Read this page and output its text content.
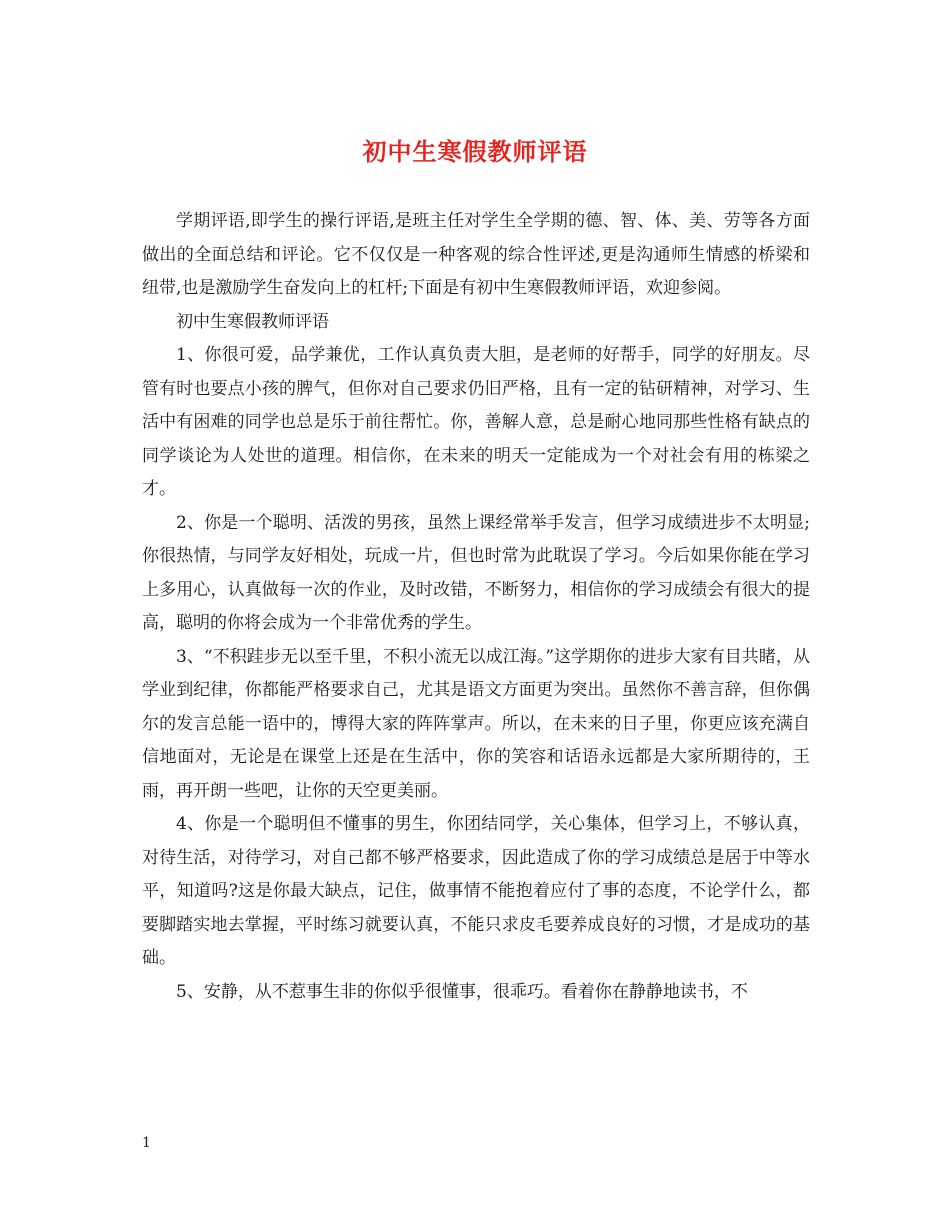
初中生寒假教师评语

学期评语,即学生的操行评语,是班主任对学生全学期的德、智、体、美、劳等各方面做出的全面总结和评论。它不仅仅是一种客观的综合性评述,更是沟通师生情感的桥梁和纽带,也是激励学生奋发向上的杠杆;下面是有初中生寒假教师评语，欢迎参阅。

初中生寒假教师评语

1、你很可爱，品学兼优，工作认真负责大胆，是老师的好帮手，同学的好朋友。尽管有时也要点小孩的脾气，但你对自己要求仍旧严格，且有一定的钻研精神，对学习、生活中有困难的同学也总是乐于前往帮忙。你，善解人意，总是耐心地同那些性格有缺点的同学谈论为人处世的道理。相信你，在未来的明天一定能成为一个对社会有用的栋梁之才。

2、你是一个聪明、活泼的男孩，虽然上课经常举手发言，但学习成绩进步不太明显;你很热情，与同学友好相处，玩成一片，但也时常为此耽误了学习。今后如果你能在学习上多用心，认真做每一次的作业，及时改错，不断努力，相信你的学习成绩会有很大的提高，聪明的你将会成为一个非常优秀的学生。

3、“不积跬步无以至千里，不积小流无以成江海。”这学期你的进步大家有目共睹，从学业到纪律，你都能严格要求自己，尤其是语文方面更为突出。虽然你不善言辞，但你偶尔的发言总能一语中的，博得大家的阵阵掌声。所以，在未来的日子里，你更应该充满自信地面对，无论是在课堂上还是在生活中，你的笑容和话语永远都是大家所期待的，王雨，再开朗一些吧，让你的天空更美丽。

4、你是一个聪明但不懂事的男生，你团结同学，关心集体，但学习上，不够认真，对待生活，对待学习，对自己都不够严格要求，因此造成了你的学习成绩总是居于中等水平，知道吗?这是你最大缺点，记住，做事情不能抱着应付了事的态度，不论学什么，都要脚踏实地去掌握，平时练习就要认真，不能只求皮毛要养成良好的习惯，才是成功的基础。

5、安静，从不惹事生非的你似乎很懂事，很乖巧。看着你在静静地读书，不

1
